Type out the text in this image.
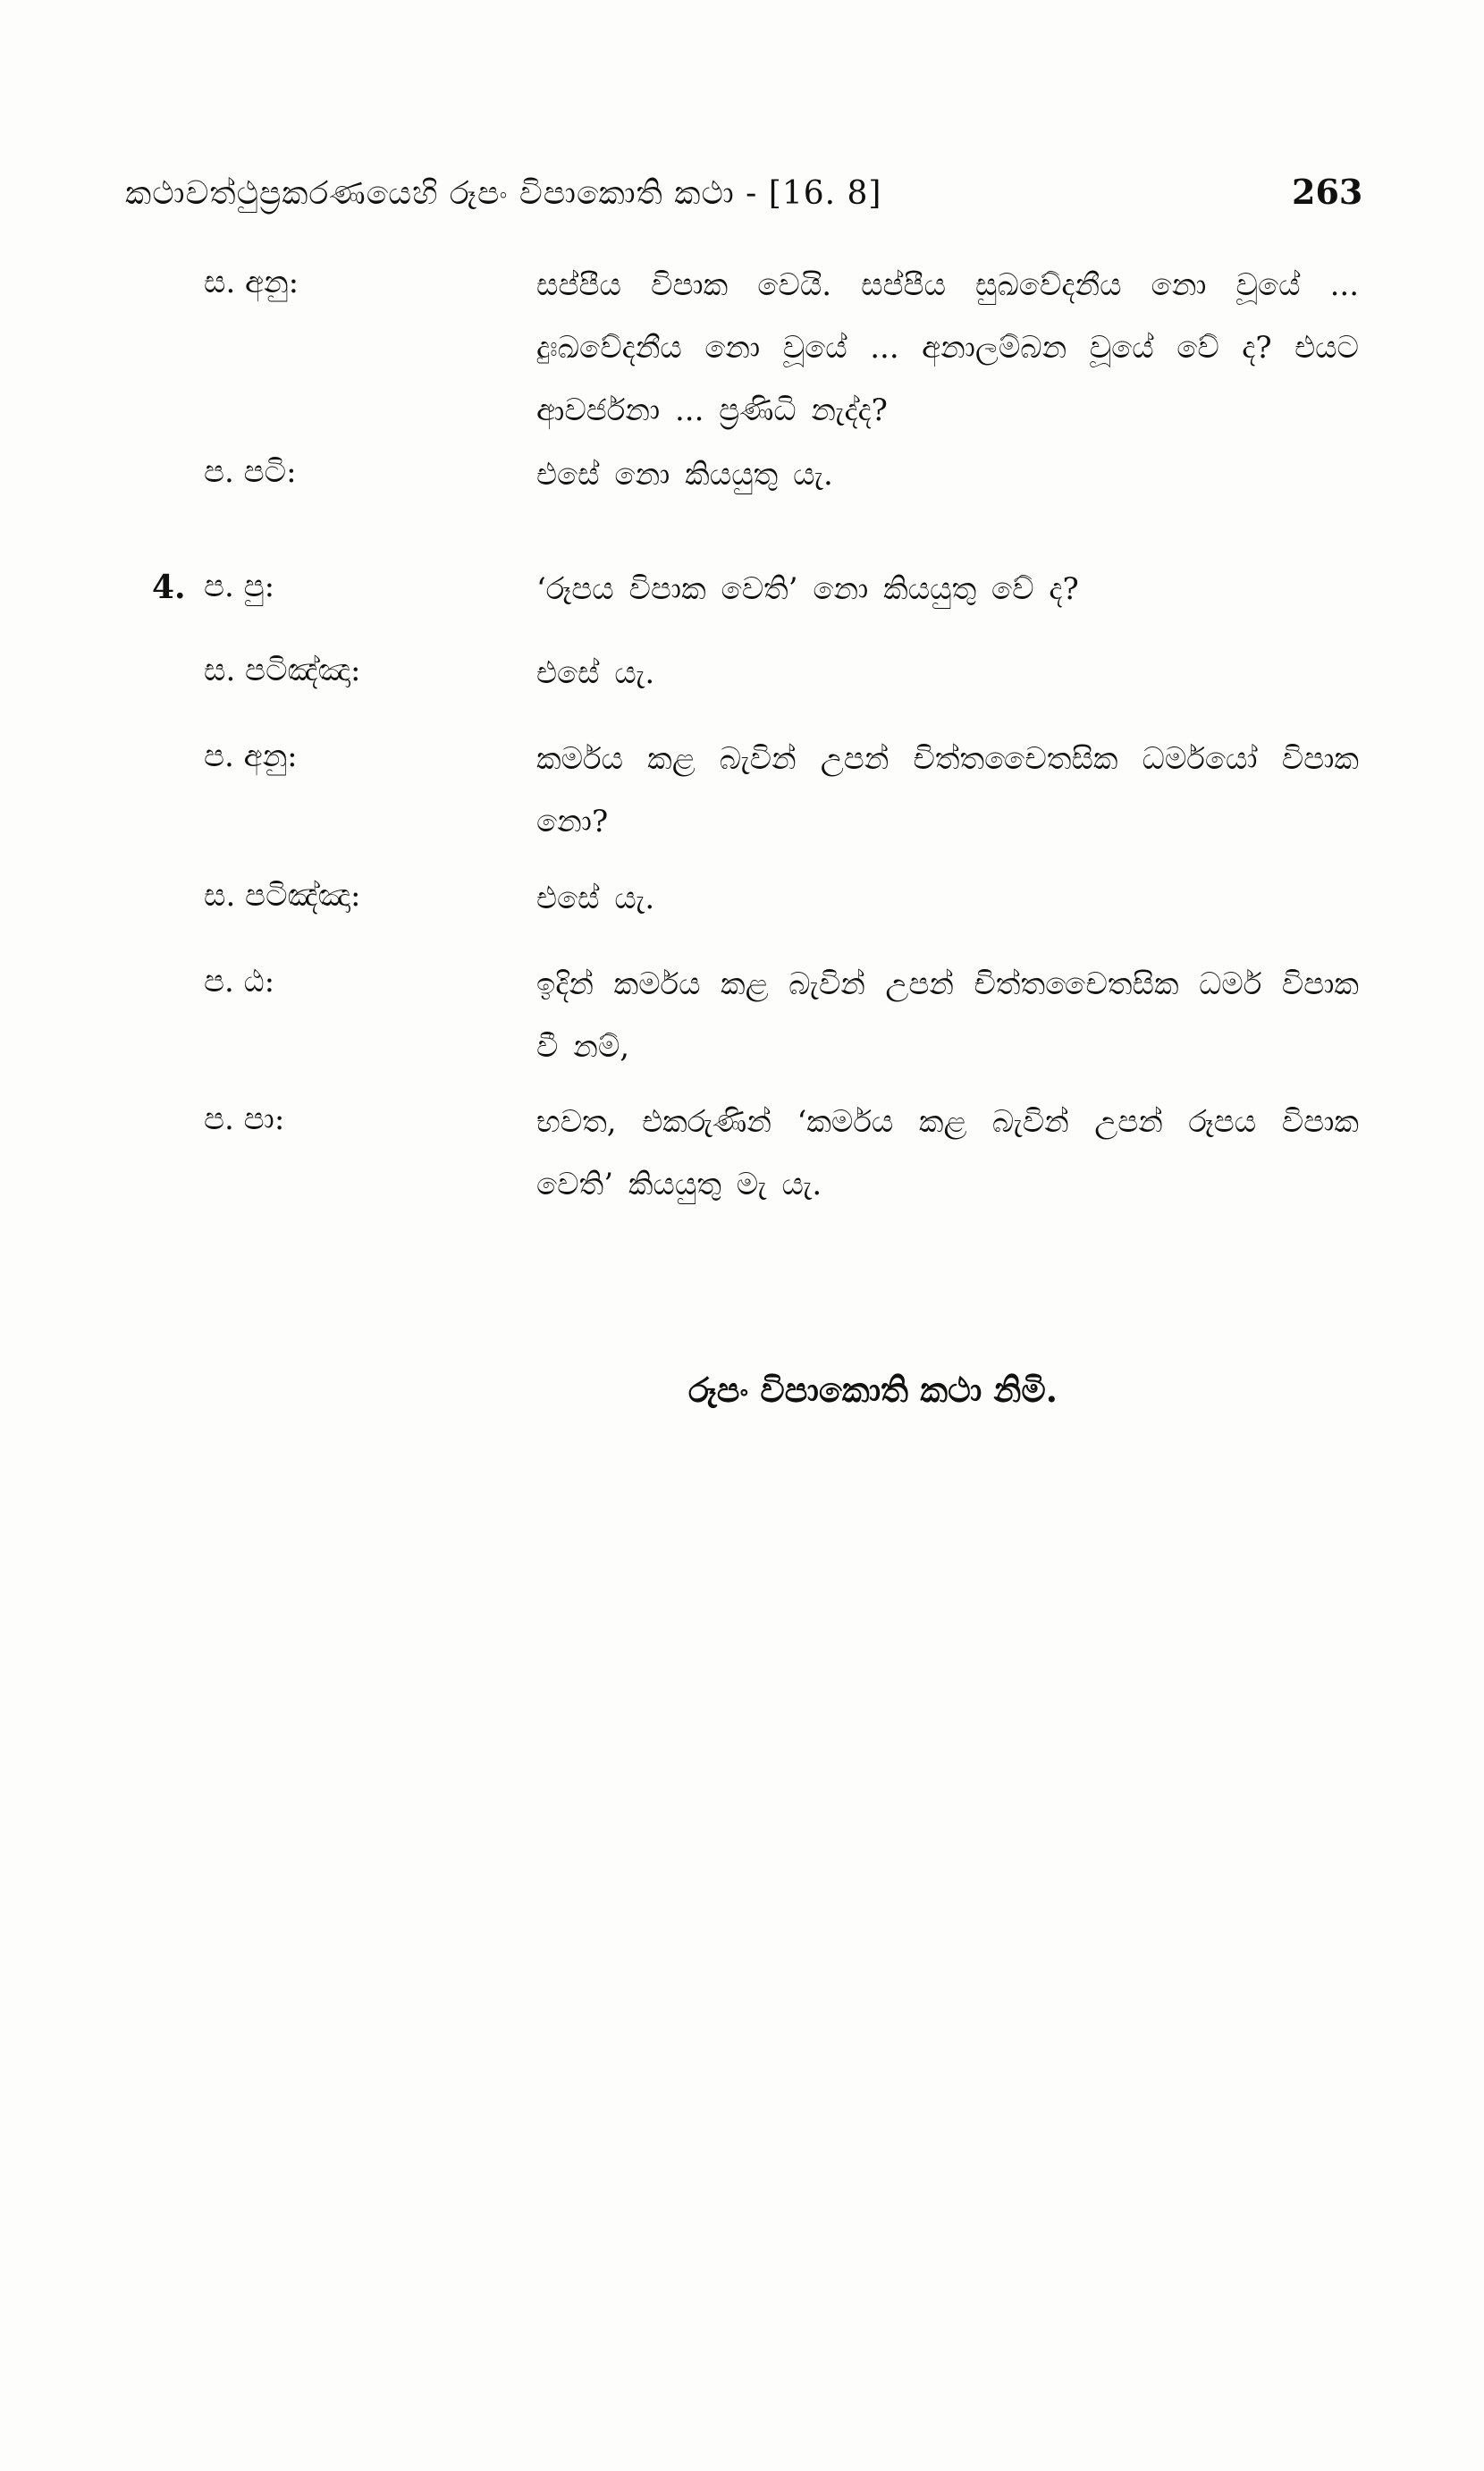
කථාවත්ථුප්‍රකරණයෙහි රූපං විපාකොති කථා - [16. 8]	263
ස. අනු:	සප්පීය විපාක වෙයි. සප්පීය සුඛවේදනීය නො වූයේ ... දුඃඛවේදනීය නො වූයේ ... අනාලම්බන වූයේ වේ ද? එයට ආවර්ජනා ... ප්‍රණිධි නැද්ද?
ප. පටි:	එසේ නො කියයුතු යැ.
4. ප. පු:	‘රූපය විපාක වෙති’ නො කියයුතු වේ ද?
ස. පටිඤ්ඤා:	එසේ යැ.
ප. අනු:	කර්මය කළ බැවින් උපන් චිත්තචෛතසික ධර්මයෝ විපාක නො?
ස. පටිඤ්ඤා:	එසේ යැ.
ප. ඨ:	ඉදින් කර්මය කළ බැවින් උපන් චිත්තචෛතසික ධර්ම විපාක වී නම්,
ප. පා:	භවත, එකරුණින් ‘කර්මය කළ බැවින් උපන් රූපය විපාක වෙති’ කියයුතු මැ යැ.
රූපං විපාකොති කථා නිමි.
